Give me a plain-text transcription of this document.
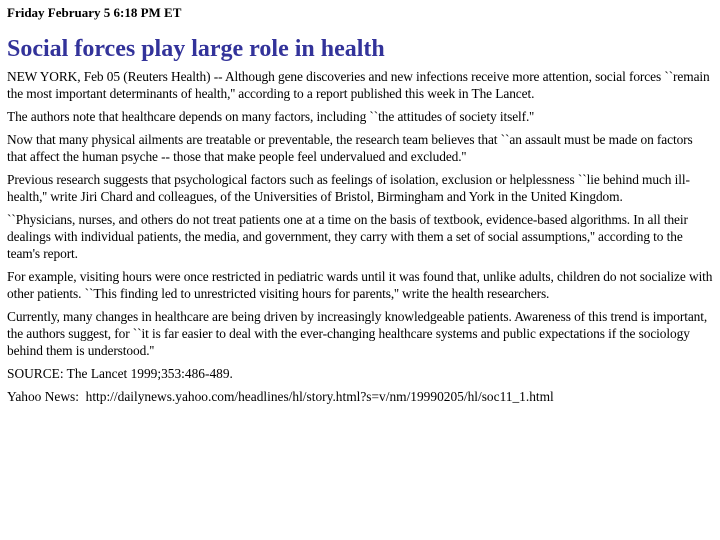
Friday February 5 6:18 PM ET

Social forces play large role in health

NEW YORK, Feb 05 (Reuters Health) -- Although gene discoveries and new infections receive more attention, social forces ``remain the most important determinants of health,'' according to a report published this week in The Lancet.

The authors note that healthcare depends on many factors, including ``the attitudes of society itself.''

Now that many physical ailments are treatable or preventable, the research team believes that ``an assault must be made on factors that affect the human psyche -- those that make people feel undervalued and excluded.''

Previous research suggests that psychological factors such as feelings of isolation, exclusion or helplessness ``lie behind much ill-health,'' write Jiri Chard and colleagues, of the Universities of Bristol, Birmingham and York in the United Kingdom.

``Physicians, nurses, and others do not treat patients one at a time on the basis of textbook, evidence-based algorithms. In all their dealings with individual patients, the media, and government, they carry with them a set of social assumptions,'' according to the team's report.

For example, visiting hours were once restricted in pediatric wards until it was found that, unlike adults, children do not socialize with other patients. ``This finding led to unrestricted visiting hours for parents,'' write the health researchers.

Currently, many changes in healthcare are being driven by increasingly knowledgeable patients. Awareness of this trend is important, the authors suggest, for ``it is far easier to deal with the ever-changing healthcare systems and public expectations if the sociology behind them is understood.''

SOURCE: The Lancet 1999;353:486-489.

Yahoo News: http://dailynews.yahoo.com/headlines/hl/story.html?s=v/nm/19990205/hl/soc11_1.html
